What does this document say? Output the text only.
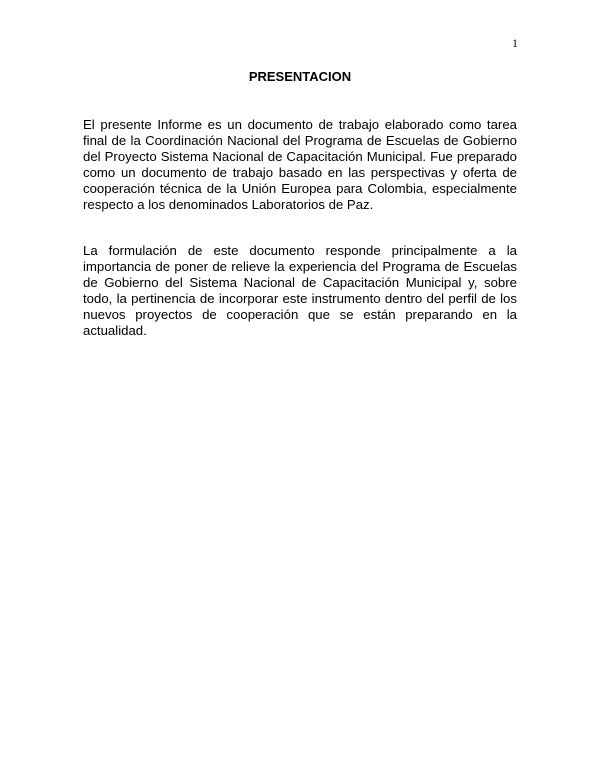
1
PRESENTACION

El presente Informe es un documento de trabajo elaborado como tarea final de la Coordinación Nacional del Programa de Escuelas de Gobierno del Proyecto Sistema Nacional de Capacitación Municipal. Fue preparado como un documento de trabajo basado en las perspectivas y oferta de cooperación técnica de la Unión Europea para Colombia, especialmente respecto a los denominados Laboratorios de Paz.

La formulación de este documento responde principalmente a la importancia de poner de relieve la experiencia del Programa de Escuelas de Gobierno del Sistema Nacional de Capacitación Municipal y, sobre todo, la pertinencia de incorporar este instrumento dentro del perfil de los nuevos proyectos de cooperación que se están preparando en la actualidad.
